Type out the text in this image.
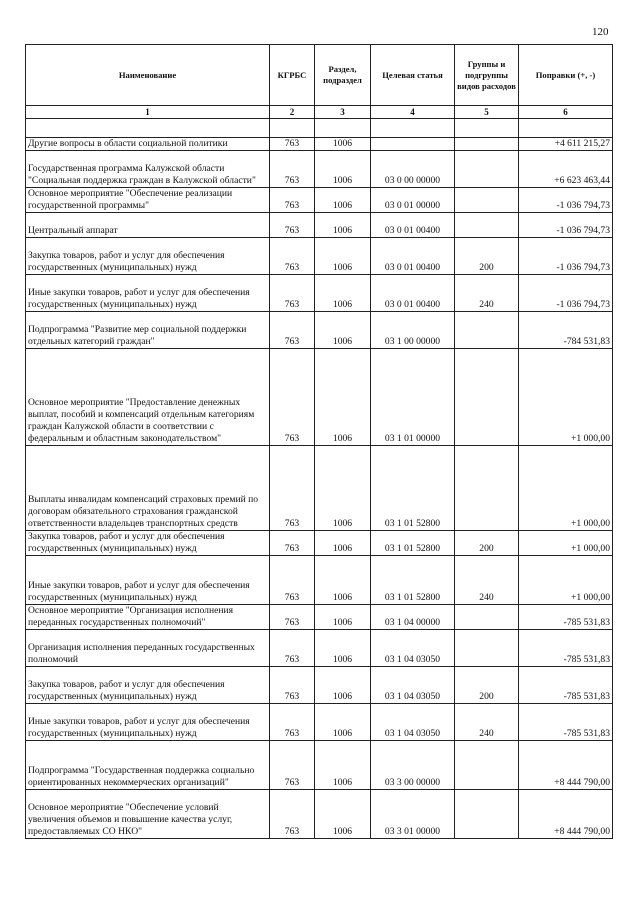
120
Наименование	КГРБС	Раздел, подраздел	Целевая статья	Группы и подгруппы видов расходов	Поправки (+, -)
1	2	3	4	5	6

Другие вопросы в области социальной политики	763	1006			+4 611 215,27
Государственная программа Калужской области "Социальная поддержка граждан в Калужской области"	763	1006	03 0 00 00000		+6 623 463,44
Основное мероприятие "Обеспечение реализации государственной программы"	763	1006	03 0 01 00000		-1 036 794,73
Центральный аппарат	763	1006	03 0 01 00400		-1 036 794,73
Закупка товаров, работ и услуг для обеспечения государственных (муниципальных) нужд	763	1006	03 0 01 00400	200	-1 036 794,73
Иные закупки товаров, работ и услуг для обеспечения государственных (муниципальных) нужд	763	1006	03 0 01 00400	240	-1 036 794,73
Подпрограмма "Развитие мер социальной поддержки отдельных категорий граждан"	763	1006	03 1 00 00000		-784 531,83
Основное мероприятие "Предоставление денежных выплат, пособий и компенсаций отдельным категориям граждан Калужской области в соответствии с федеральным и областным законодательством"	763	1006	03 1 01 00000		+1 000,00
Выплаты инвалидам компенсаций страховых премий по договорам обязательного страхования гражданской ответственности владельцев транспортных средств	763	1006	03 1 01 52800		+1 000,00
Закупка товаров, работ и услуг для обеспечения государственных (муниципальных) нужд	763	1006	03 1 01 52800	200	+1 000,00
Иные закупки товаров, работ и услуг для обеспечения государственных (муниципальных) нужд	763	1006	03 1 01 52800	240	+1 000,00
Основное мероприятие "Организация исполнения переданных государственных полномочий"	763	1006	03 1 04 00000		-785 531,83
Организация исполнения переданных государственных полномочий	763	1006	03 1 04 03050		-785 531,83
Закупка товаров, работ и услуг для обеспечения государственных (муниципальных) нужд	763	1006	03 1 04 03050	200	-785 531,83
Иные закупки товаров, работ и услуг для обеспечения государственных (муниципальных) нужд	763	1006	03 1 04 03050	240	-785 531,83
Подпрограмма "Государственная поддержка социально ориентированных некоммерческих организаций"	763	1006	03 3 00 00000		+8 444 790,00
Основное мероприятие "Обеспечение условий увеличения объемов и повышение качества услуг, предоставляемых СО НКО"	763	1006	03 3 01 00000		+8 444 790,00
